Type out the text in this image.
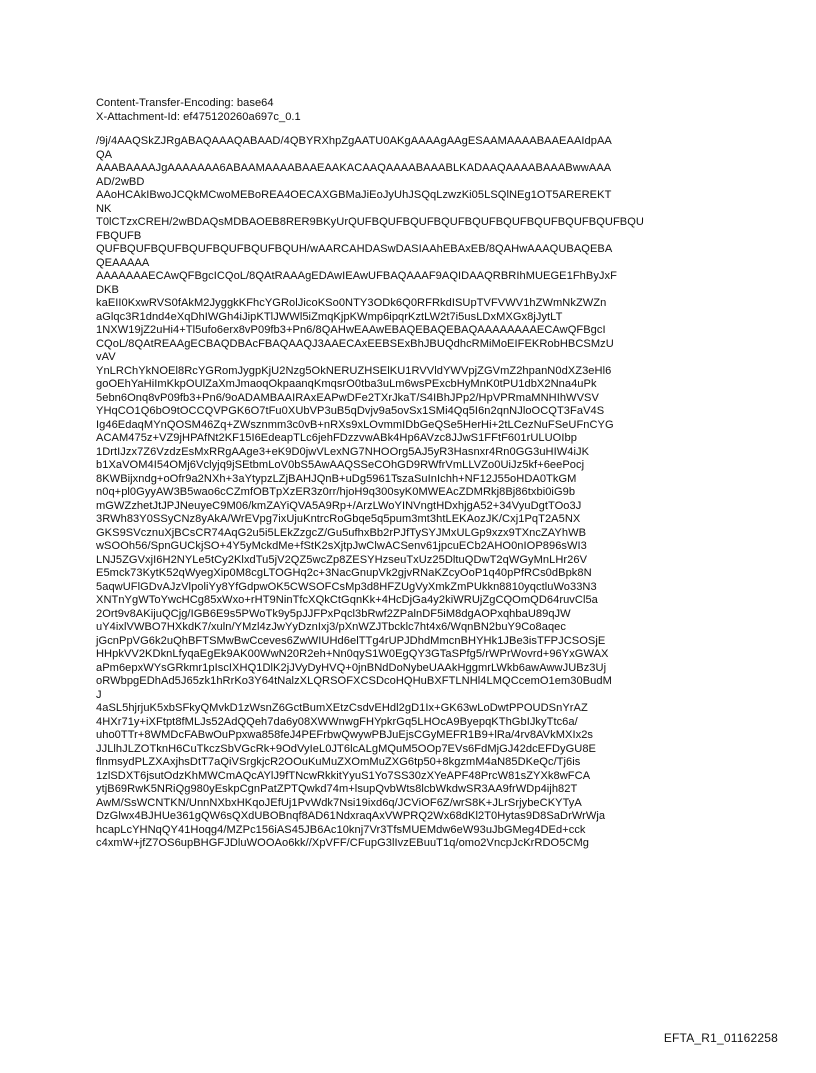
Content-Transfer-Encoding: base64
X-Attachment-Id: ef475120260a697c_0.1
/9j/4AAQSkZJRgABAQAAAQABAAD/4QBYRXhpZgAATU0AKgAAAAgAAgESAAMAAAABAAEAAIdpAA
QA
AAABAAAAJgAAAAAAA6ABAAMAAAABAAEAAKACAAQAAAABAAABLKADAAQAAAABAAABwwAAA
AD/2wBD
AAoHCAkIBwoJCQkMCwoMEBoREA4OECAXGBMaJiEoJyUhJSQqLzwzKi05LSQlNEg1OT5AREREKT
NK
T0lCTzxCREH/2wBDAQsMDBAOEB8RER9BKyUrQUFBQUFBQUFBQUFBQUFBQUFBQUFBQUFBQUFBQU
FBQUFB
QUFBQUFBQUFBQUFBQUFBQUFBQUH/wAARCAHDASwDASIAAhEBAxEB/8QAHwAAAQUBAQEBA
QEAAAAA
AAAAAAAECAwQFBgcICQoL/8QAtRAAAgEDAwIEAwUFBAQAAAF9AQIDAAQRBRIhMUEGE1FhByJxF
DKB
kaEII0KxwRVS0fAkM2JyggkKFhcYGRolJicoKSo0NTY3ODk6Q0RFRkdISUpTVFVWV1hZWmNkZWZn
aGlqc3R1dnd4eXqDhIWGh4iJipKTlJWWl5iZmqKjpKWmp6ipqrKztLW2t7i5usLDxMXGx8jJytLT
1NXW19jZ2uHi4+Tl5ufo6erx8vP09fb3+Pn6/8QAHwEAAwEBAQEBAQEBAQAAAAAAAAECAwQFBgcI
CQoL/8QAtREAAgECBAQDBAcFBAQAAQJ3AAECAxEEBSExBhJBUQdhcRMiMoEIFEKRobHBCSMzU
vAV
YnLRChYkNOEl8RcYGRomJygpKjU2Nzg5OkNERUZHSElKU1RVVldYWVpjZGVmZ2hpanN0dXZ3eHl6
goOEhYaHiImKkpOUlZaXmJmaoqOkpaanqKmqsrO0tba3uLm6wsPExcbHyMnK0tPU1dbX2Nna4uPk
5ebn6Onq8vP09fb3+Pn6/9oADAMBAAIRAxEAPwDFe2TXrJkaT/S4IBhJPp2/HpVPRmaMNHIhWVSV
YHqCO1Q6bO9tOCCQVPGK6O7tFu0XUbVP3uB5qDvjv9a5ovSx1SMi4Qq5I6n2qnNJloOCQT3FaV4S
Ig46EdaqMYnQOSM46Zq+ZWsznmm3c0vB+nRXs9xLOvmmIDbGeQSe5HerHi+2tLCezNuFSeUFnCYG
ACAM475z+VZ9jHPAfNt2KF15I6EdeapTLc6jehFDzzvwABk4Hp6AVzc8JJwS1FFtF601rULUOIbp
1DrtIJzx7Z6VzdzEsMxRRgAAge3+eK9D0jwVLexNG7NHOOrg5AJ5yR3Hasnxr4Rn0GG3uHIW4iJK
b1XaVOM4I54OMj6Vclyjq9jSEtbmLoV0bS5AwAAQSSeCOhGD9RWfrVmLLVZo0UiJz5kf+6eePocj
8KWBijxndg+oOfr9a2NXh+3aYtypzLZjBAHJQnB+uDg5961TszaSuInIchh+NF12J55oHDA0TkGM
n0q+pl0GyyAW3B5wao6cCZmfOBTpXzER3z0rr/hjoH9q300syK0MWEAcZDMRkj8Bj86txbi0iG9b
mGWZzhetJtJPJNeuyeC9M06/kmZAYiQVA5A9Rp+/ArzLWoYINVngtHDxhjgA52+34VyuDgtTOo3J
3RWh83Y0SSyCNz8yAkA/WrEVpg7ixUjuKntrcRoGbqe5q5pum3mt3htLEKAozJK/Cxj1PqT2A5NX
GKS9SVcznuXjBCsCR74AqG2u5i5LEkZzgcZ/Gu5ufhxBb2rPJfTySYJMxULGp9xzx9TXncZAYhWB
wSOOh56/SpnGUCkjSO+4Y5yMckdMe+fStK2sXjtpJwClwACSenv61jpcuECb2AHO0nIOP896sWI3
LNJ5ZGVxjI6H2NYLe5tCy2KlxdTu5jV2QZ5wcZp8ZESYHzseuTxUz25DltuQDwT2qWGyMnLHr26V
E5mck73KytK52qWyegXip0M8cgLTOGHq2c+3NacGnupVk2gjvRNaKZcyOoP1q40pPfRCs0dBpk8N
5aqwUFlGDvAJzVlpoliYy8YfGdpwOK5CWSOFCsMp3d8HFZUgVyXmkZmPUkkn8810yqctluWo33N3
XNTnYgWToYwcHCg85xWxo+rHT9NinTfcXQkCtGqnKk+4HcDjGa4y2kiWRUjZgCQOmQD64ruvCl5a
2Ort9v8AKijuQCjg/IGB6E9s5PWoTk9y5pJJFPxPqcl3bRwf2ZPalnDF5iM8dgAOPxqhbaU89qJW
uY4ixlVWBO7HXkdK7/xuln/YMzl4zJwYyDznIxj3/pXnWZJTbcklc7ht4x6/WqnBN2buY9Co8aqec
jGcnPpVG6k2uQhBFTSMwBwCceves6ZwWIUHd6elTTg4rUPJDhdMmcnBHYHk1JBe3isTFPJCSOSjE
HHpkVV2KDknLfyqaEgEk9AK00WwN20R2eh+Nn0qyS1W0EgQY3GTaSPfg5/rWPrWovrd+96YxGWAX
aPm6epxWYsGRkmr1pIscIXHQ1DlK2jJVyDyHVQ+0jnBNdDoNybeUAAkHggmrLWkb6awAwwJUBz3Uj
oRWbpgEDhAd5J65zk1hRrKo3Y64tNalzXLQRSOFXCSDcoHQHuBXFTLNHl4LMQCcemO1em30BudM
J
4aSL5hjrjuK5xbSFkyQMvkD1zWsnZ6GctBumXEtzCsdvEHdl2gD1Ix+GK63wLoDwtPPOUDSnYrAZ
4HXr71y+iXFtpt8fMLJs52AdQQeh7da6y08XWWnwgFHYpkrGq5LHOcA9ByepqKThGbIJkyTtc6a/
uho0TTr+8WMDcFABwOuPpxwa858feJ4PEFrbwQwywPBJuEjsCGyMEFR1B9+lRa/4rv8AVkMXIx2s
JJLlhJLZOTknH6CuTkczSbVGcRk+9OdVyIeL0JT6lcALgMQuM5OOp7EVs6FdMjGJ42dcEFDyGU8E
flnmsydPLZXAxjhsDtT7aQiVSrgkjcR2OOuKuMuZXOmMuZXG6tp50+8kgzmM4aN85DKeQc/Tj6is
1zlSDXT6jsutOdzKhMWCmAQcAYlJ9fTNcwRkkitYyuS1Yo7SS30zXYeAPF48PrcW81sZYXk8wFCA
ytjB69RwK5NRiQg980yEskpCgnPatZPTQwkd74m+lsupQvbWts8lcbWkdwSR3AA9frWDp4ijh82T
AwM/SsWCNTKN/UnnNXbxHKqoJEfUj1PvWdk7Nsi19ixd6q/JCViOF6Z/wrS8K+JLrSrjybeCKYTyA
DzGlwx4BJHUe361gQW6sQXdUBOBnqf8AD61NdxraqAxVWPRQ2Wx68dKl2T0Hytas9D8SaDrWrWja
hcapLcYHNqQY41Hoqg4/MZPc156iAS45JB6Ac10knj7Vr3TfsMUEMdw6eW93uJbGMeg4DEd+cck
c4xmW+jfZ7OS6upBHGFJDluWOOAo6kk//XpVFF/CFupG3lIvzEBuuT1q/omo2VncpJcKrRDO5CMg
EFTA_R1_01162258
